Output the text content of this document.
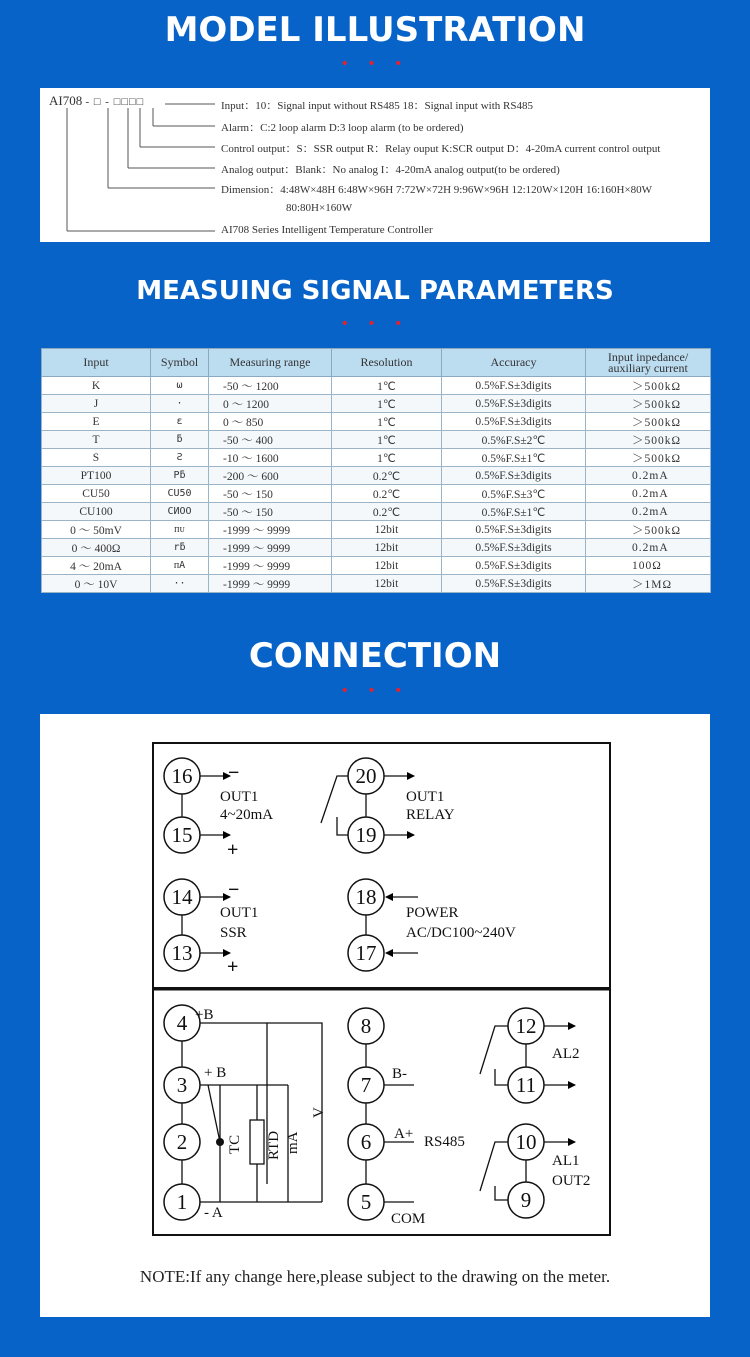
MODEL ILLUSTRATION
• • •
AI708 - □ - □□□□	Input：10：Signal input without RS485 18：Signal input with RS485
Alarm：C:2 loop alarm D:3 loop alarm (to be ordered)
Control output：S：SSR output R：Relay ouput K:SCR output D：4-20mA current control output
Analog output：Blank：No analog I：4-20mA analog output(to be ordered)
Dimension：4:48W×48H 6:48W×96H 7:72W×72H 9:96W×96H 12:120W×120H 16:160H×80W
80:80H×160W
AI708 Series Intelligent Temperature Controller
MEASUING SIGNAL PARAMETERS
• • •
Input	Symbol	Measuring range	Resolution	Accuracy	Input inpedance/
auxiliary current
K	ω	-50 ～ 1200	1℃	0.5%F.S±3digits	＞500kΩ
J	·	0 ～ 1200	1℃	0.5%F.S±3digits	＞500kΩ
E	ε	0 ～ 850	1℃	0.5%F.S±3digits	＞500kΩ
T	ƃ	-50 ～ 400	1℃	0.5%F.S±2℃	＞500kΩ
S	Ƨ	-10 ～ 1600	1℃	0.5%F.S±1℃	＞500kΩ
PT100	Pƃ	-200 ～ 600	0.2℃	0.5%F.S±3digits	0.2mA
CU50	CU50	-50 ～ 150	0.2℃	0.5%F.S±3℃	0.2mA
CU100	CИOO	-50 ～ 150	0.2℃	0.5%F.S±1℃	0.2mA
0 ～ 50mV	ᴨᴜ	-1999 ～ 9999	12bit	0.5%F.S±3digits	＞500kΩ
0 ～ 400Ω	rƃ	-1999 ～ 9999	12bit	0.5%F.S±3digits	0.2mA
4 ～ 20mA	ᴨA	-1999 ～ 9999	12bit	0.5%F.S±3digits	100Ω
0 ～ 10V	··	-1999 ～ 9999	12bit	0.5%F.S±3digits	＞1MΩ
CONNECTION
• • •
16
15
14
13
20
19
18
17
4
3
2
1
8
7
6
5
12
11
10
9
−
+
−
+
OUT1
4~20mA
OUT1
SSR
OUT1
RELAY
POWER
AC/DC100~240V
+B
+ B
- A
TC RTD mA
V
B-
A+ RS485
COM
AL2
AL1
OUT2
NOTE:If any change here,please subject to the drawing on the meter.
